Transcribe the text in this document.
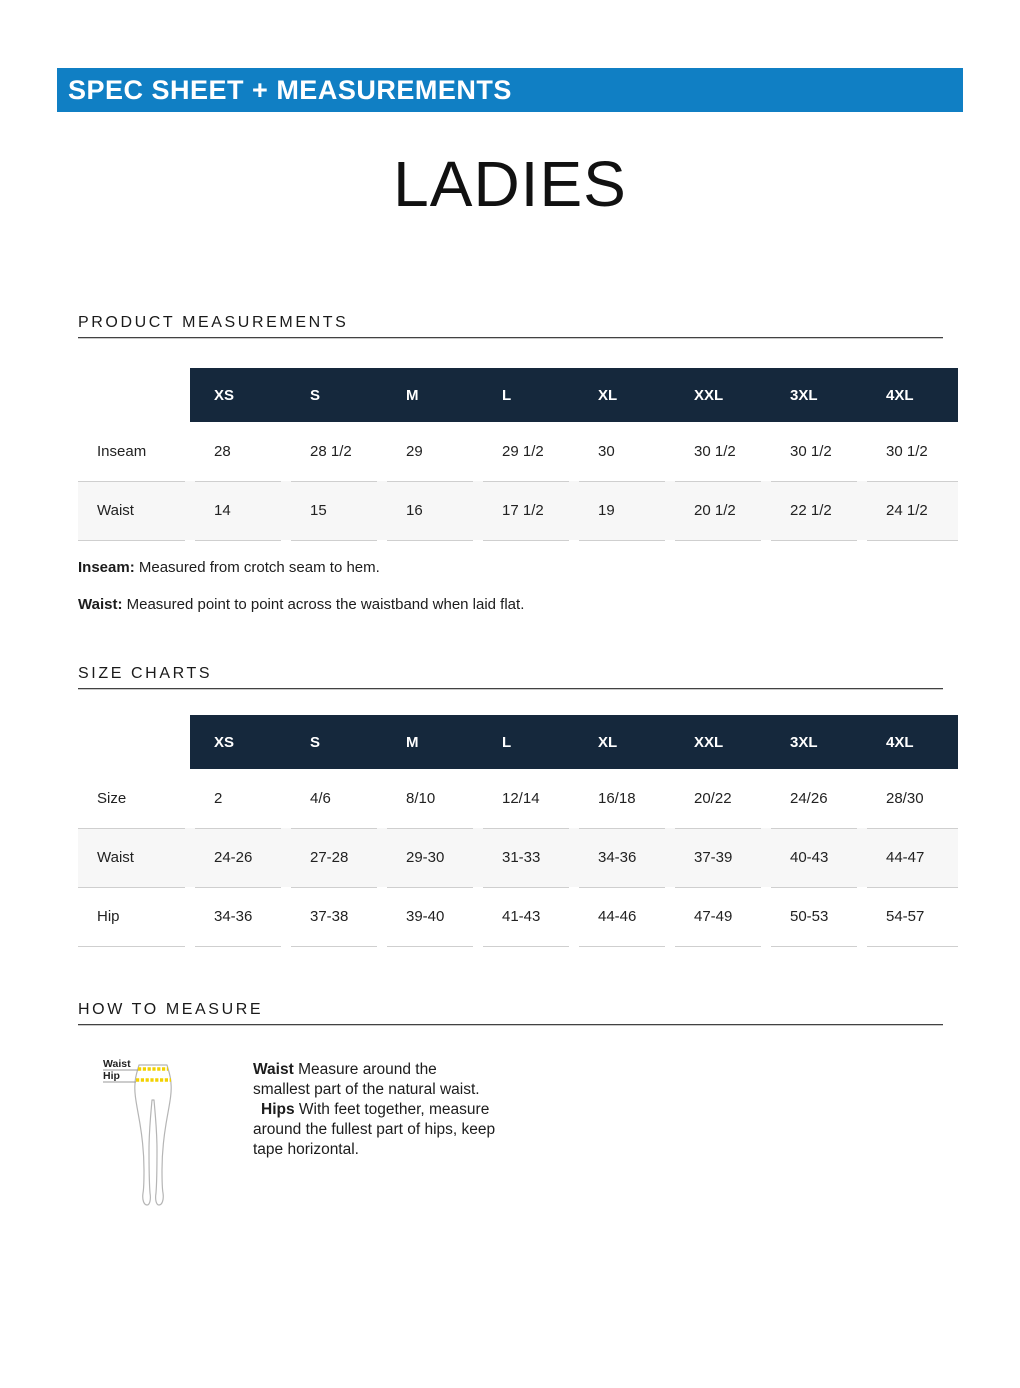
SPEC SHEET + MEASUREMENTS
LADIES
PRODUCT MEASUREMENTS
XS	S	M	L	XL	XXL	3XL	4XL
Inseam	28	28 1/2	29	29 1/2	30	30 1/2	30 1/2	30 1/2
Waist	14	15	16	17 1/2	19	20 1/2	22 1/2	24 1/2

Inseam: Measured from crotch seam to hem.

Waist: Measured point to point across the waistband when laid flat.

SIZE CHARTS
XS	S	M	L	XL	XXL	3XL	4XL
Size	2	4/6	8/10	12/14	16/18	20/22	24/26	28/30
Waist	24-26	27-28	29-30	31-33	34-36	37-39	40-43	44-47
Hip	34-36	37-38	39-40	41-43	44-46	47-49	50-53	54-57
HOW TO MEASURE
Waist
Hip	Waist Measure around the
smallest part of the natural waist.
Hips With feet together, measure
around the fullest part of hips, keep
tape horizontal.
